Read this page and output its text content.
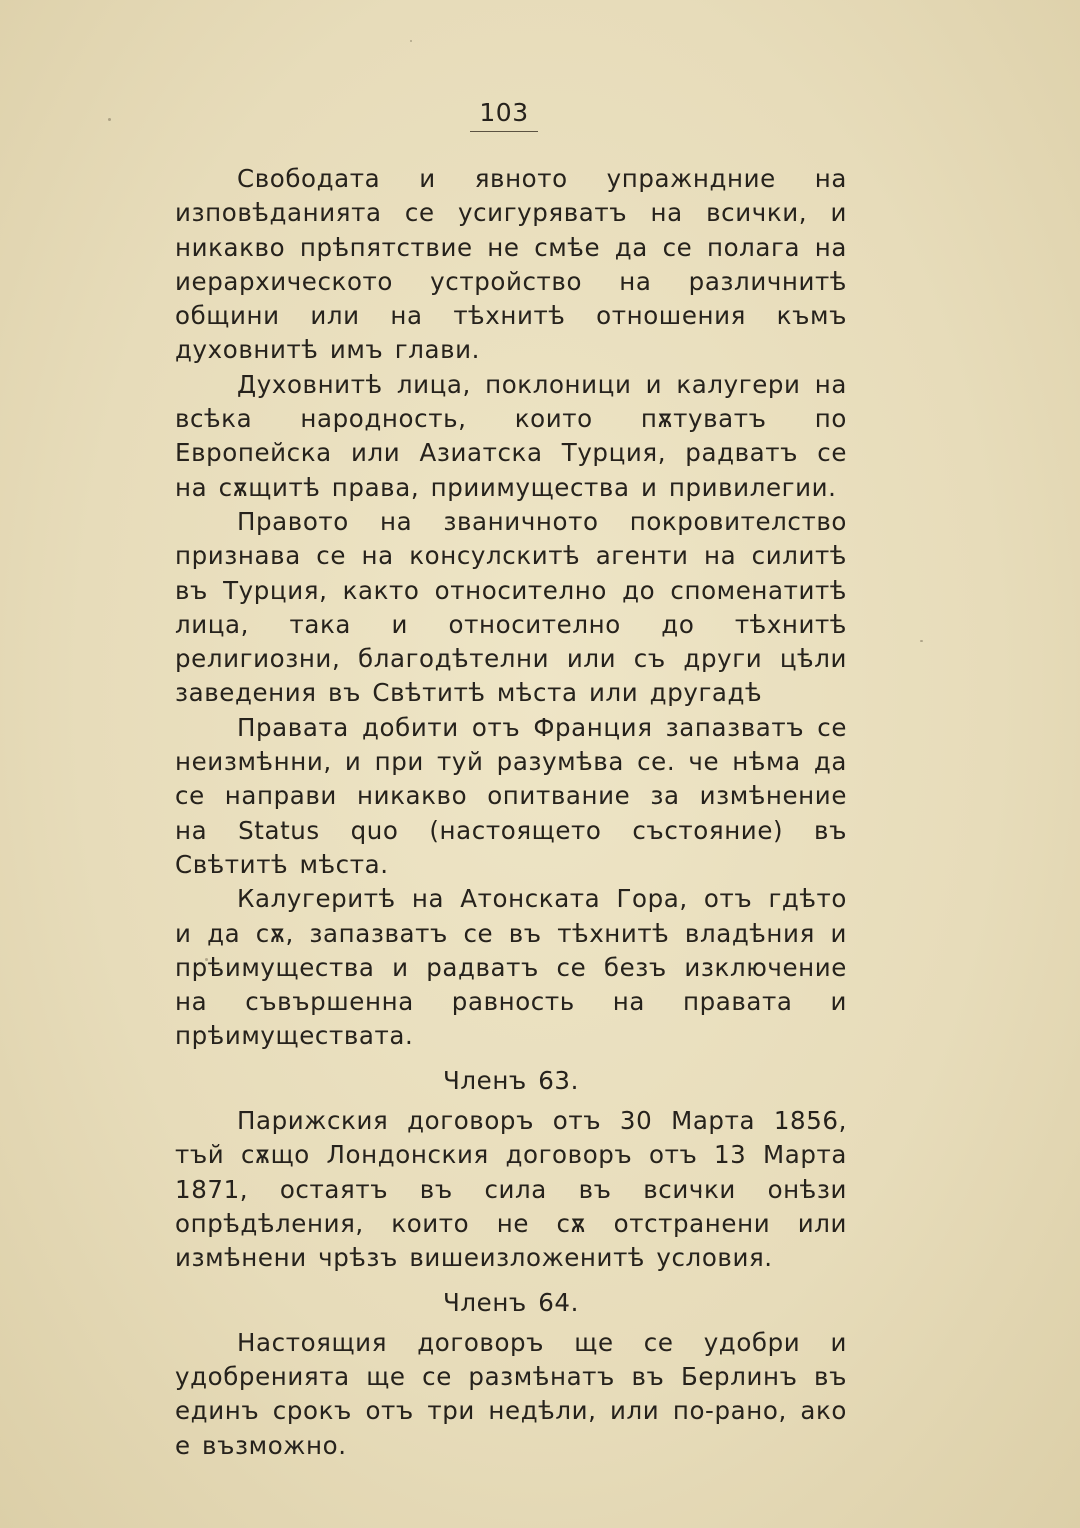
103

Свободата и явното упражндние на изповѣданията се усигуряватъ на всички, и никакво прѣпятствие не смѣе да се полага на иерархическото устройство на различнитѣ общини или на тѣхнитѣ отношения къмъ духовнитѣ имъ глави.

Духовнитѣ лица, поклоници и калугери на всѣка народность, които пѫтуватъ по Европейска или Азиатска Турция, радватъ се на сѫщитѣ права, приимущества и привилегии.

Правото на званичното покровителство признава се на консулскитѣ агенти на силитѣ въ Турция, както относително до споменатитѣ лица, така и относително до тѣхнитѣ религиозни, благодѣтелни или съ други цѣли заведения въ Свѣтитѣ мѣста или другадѣ

Правата добити отъ Франция запазватъ се неизмѣнни, и при туй разумѣва се. че нѣма да се направи никакво опитвание за измѣнение на Status quo (настоящето състояние) въ Свѣтитѣ мѣста.

Калугеритѣ на Атонската Гора, отъ гдѣто и да сѫ, запазватъ се въ тѣхнитѣ владѣния и прѣимущества и радватъ се безъ изключение на съвършенна равность на правата и прѣимуществата.

Членъ 63.

Парижския договоръ отъ 30 Марта 1856, тъй сѫщо Лондонския договоръ отъ 13 Марта 1871, остаятъ въ сила въ всички онѣзи опрѣдѣления, които не сѫ отстранени или измѣнени чрѣзъ вишеизложенитѣ условия.

Членъ 64.

Настоящия договоръ ще се удобри и удобренията ще се размѣнатъ въ Берлинъ въ единъ срокъ отъ три недѣли, или по-рано, ако е възможно.
